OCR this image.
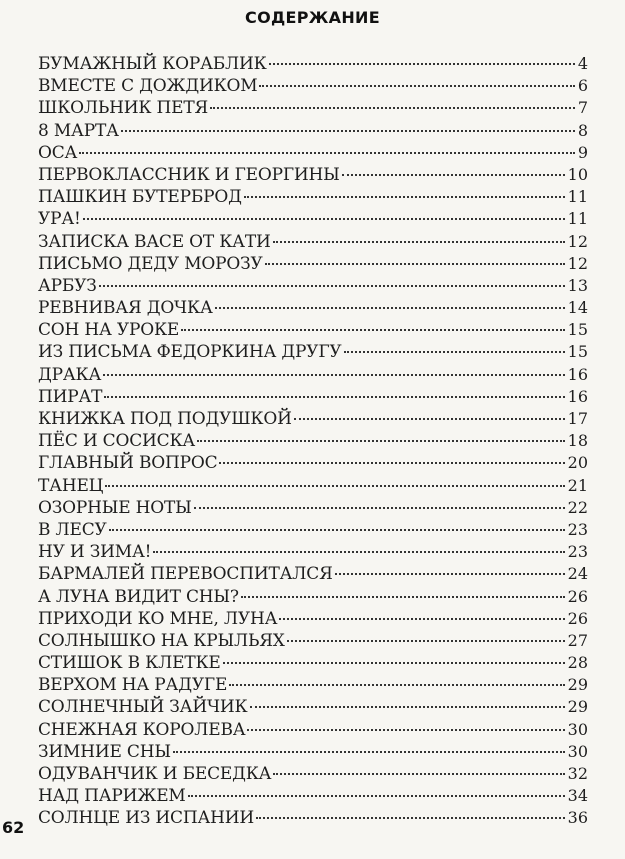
СОДЕРЖАНИЕ
БУМАЖНЫЙ КОРАБЛИК	4
ВМЕСТЕ С ДОЖДИКОМ	6
ШКОЛЬНИК ПЕТЯ	7
8 МАРТА	8
ОСА	9
ПЕРВОКЛАССНИК И ГЕОРГИНЫ	10
ПАШКИН БУТЕРБРОД	11
УРА!	11
ЗАПИСКА ВАСЕ ОТ КАТИ	12
ПИСЬМО ДЕДУ МОРОЗУ	12
АРБУЗ	13
РЕВНИВАЯ ДОЧКА	14
СОН НА УРОКЕ	15
ИЗ ПИСЬМА ФЕДОРКИНА ДРУГУ	15
ДРАКА	16
ПИРАТ	16
КНИЖКА ПОД ПОДУШКОЙ	17
ПЁС И СОСИСКА	18
ГЛАВНЫЙ ВОПРОС	20
ТАНЕЦ	21
ОЗОРНЫЕ НОТЫ	22
В ЛЕСУ	23
НУ И ЗИМА!	23
БАРМАЛЕЙ ПЕРЕВОСПИТАЛСЯ	24
А ЛУНА ВИДИТ СНЫ?	26
ПРИХОДИ КО МНЕ, ЛУНА	26
СОЛНЫШКО НА КРЫЛЬЯХ	27
СТИШОК В КЛЕТКЕ	28
ВЕРХОМ НА РАДУГЕ	29
СОЛНЕЧНЫЙ ЗАЙЧИК	29
СНЕЖНАЯ КОРОЛЕВА	30
ЗИМНИЕ СНЫ	30
ОДУВАНЧИК И БЕСЕДКА	32
НАД ПАРИЖЕМ	34
СОЛНЦЕ ИЗ ИСПАНИИ	36
62
